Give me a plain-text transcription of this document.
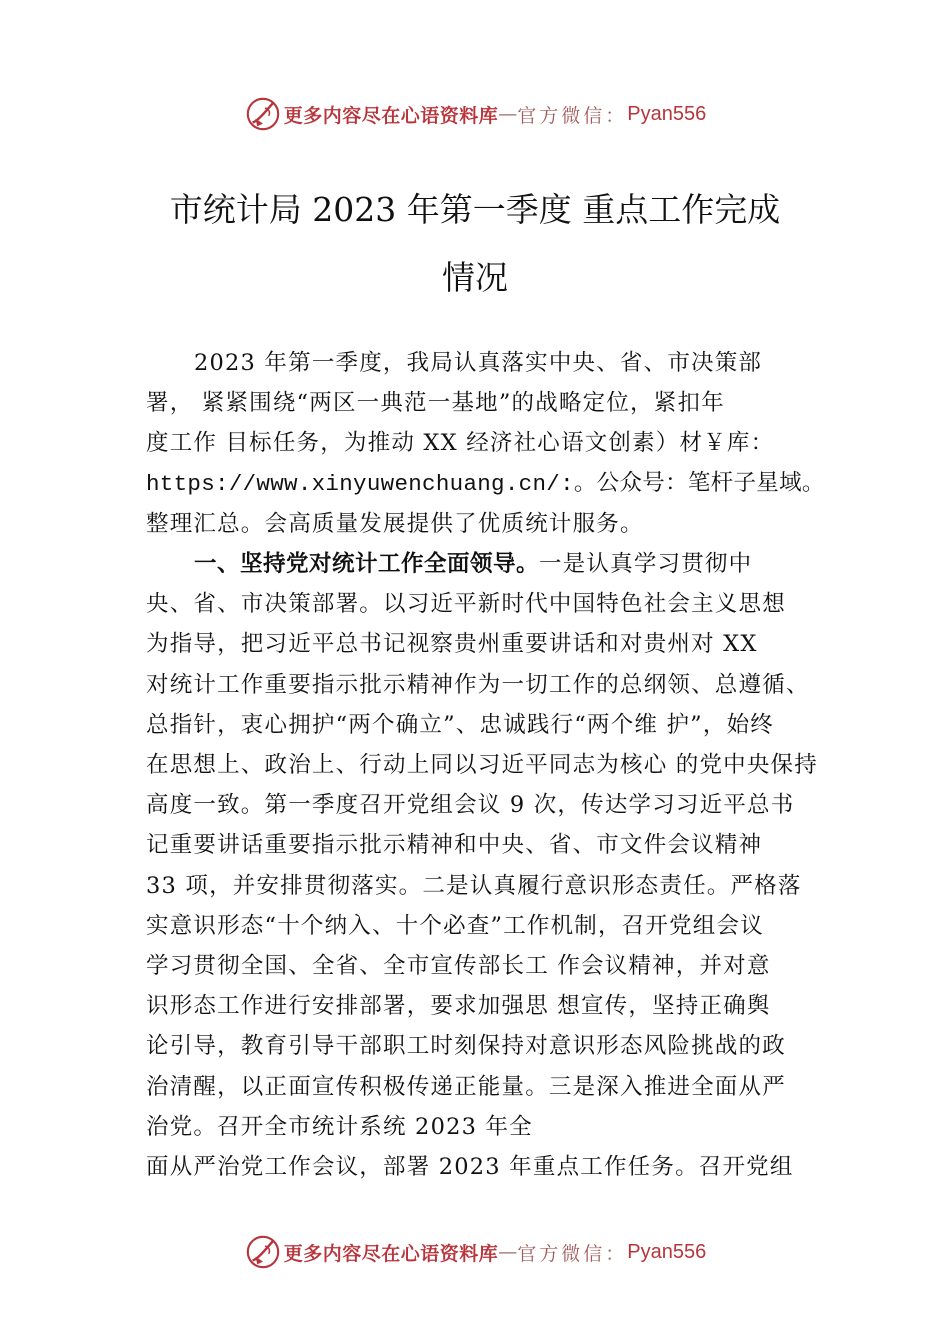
更多内容尽在心语资料库 — 官方微信： Pyan556
市统计局 2023 年第一季度 重点工作完成
情况

2023 年第一季度，我局认真落实中央、省、市决策部

署， 紧紧围绕“两区一典范一基地”的战略定位，紧扣年

度工作 目标任务，为推动 XX 经济社心语文创素）材￥库：

https://www.xinyuwenchuang.cn/:。公众号：笔杆子星域。

整理汇总。会高质量发展提供了优质统计服务。

一、坚持党对统计工作全面领导。一是认真学习贯彻中

央、省、市决策部署。以习近平新时代中国特色社会主义思想

为指导，把习近平总书记视察贵州重要讲话和对贵州对 XX

对统计工作重要指示批示精神作为一切工作的总纲领、总遵循、

总指针，衷心拥护“两个确立”、忠诚践行“两个维 护”，始终

在思想上、政治上、行动上同以习近平同志为核心 的党中央保持

高度一致。第一季度召开党组会议 9 次，传达学习习近平总书

记重要讲话重要指示批示精神和中央、省、市文件会议精神

33 项，并安排贯彻落实。二是认真履行意识形态责任。严格落

实意识形态“十个纳入、十个必查”工作机制，召开党组会议

学习贯彻全国、全省、全市宣传部长工 作会议精神，并对意

识形态工作进行安排部署，要求加强思 想宣传，坚持正确舆

论引导，教育引导干部职工时刻保持对意识形态风险挑战的政

治清醒，以正面宣传积极传递正能量。三是深入推进全面从严

治党。召开全市统计系统 2023 年全

面从严治党工作会议，部署 2023 年重点工作任务。召开党组

更多内容尽在心语资料库 — 官方微信： Pyan556
